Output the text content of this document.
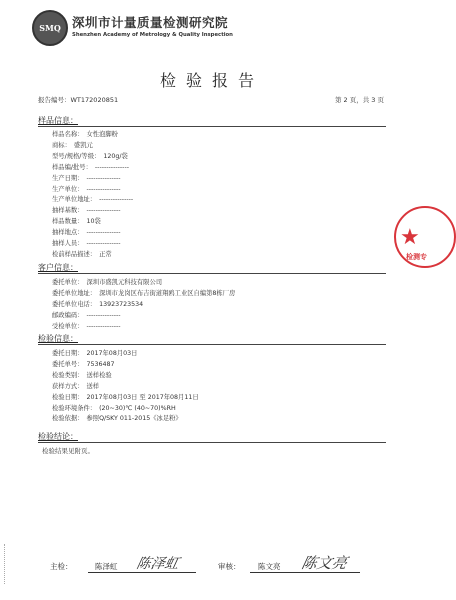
SMQ 深圳市计量质量检测研究院
Shenzhen Academy of Metrology & Quality Inspection
检验报告
报告编号：WT172020851	第 2 页，共 3 页
样品信息：
样品名称： 女性泡脚粉
商标： 盛凯元
型号/规格/等级： 120g/袋
样品编/批号： ---------------
生产日期： ---------------
生产单位： ---------------
生产单位地址： ---------------
抽样基数： ---------------
样品数量： 10袋
抽样地点： ---------------
抽样人员： ---------------
检前样品描述： 正常
客户信息：
委托单位： 深圳市盛凯元科技有限公司
委托单位地址： 深圳市龙岗区布吉街道翔鸥工业区自编第8栋厂房
委托单位电话： 13923723534
邮政编码： ---------------
受检单位： ---------------
检验信息：
委托日期： 2017年08月03日
委托单号： 7536487
检验类别： 送样检验
获样方式： 送样
检验日期： 2017年08月03日 至 2017年08月11日
检验环境条件： (20~30)℃ (40~70)%RH
检验依据： 参照Q/SKY 011-2015《冰足粉》
检验结论：
检验结果见附页。
主检：	陈泽虹 陈泽虹	审核： 陈文亮 陈文亮
★
检测专
